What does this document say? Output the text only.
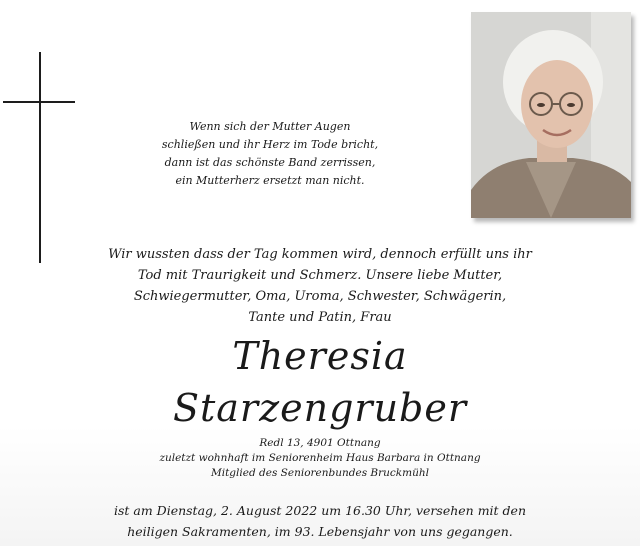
Wenn sich der Mutter Augen
schließen und ihr Herz im Tode bricht,
dann ist das schönste Band zerrissen,
ein Mutterherz ersetzt man nicht.
Wir wussten dass der Tag kommen wird, dennoch erfüllt uns ihr
Tod mit Traurigkeit und Schmerz. Unsere liebe Mutter,
Schwiegermutter, Oma, Uroma, Schwester, Schwägerin,
Tante und Patin, Frau
Theresia
Starzengruber
Redl 13, 4901 Ottnang
zuletzt wohnhaft im Seniorenheim Haus Barbara in Ottnang
Mitglied des Seniorenbundes Bruckmühl
ist am Dienstag, 2. August 2022 um 16.30 Uhr, versehen mit den
heiligen Sakramenten, im 93. Lebensjahr von uns gegangen.
